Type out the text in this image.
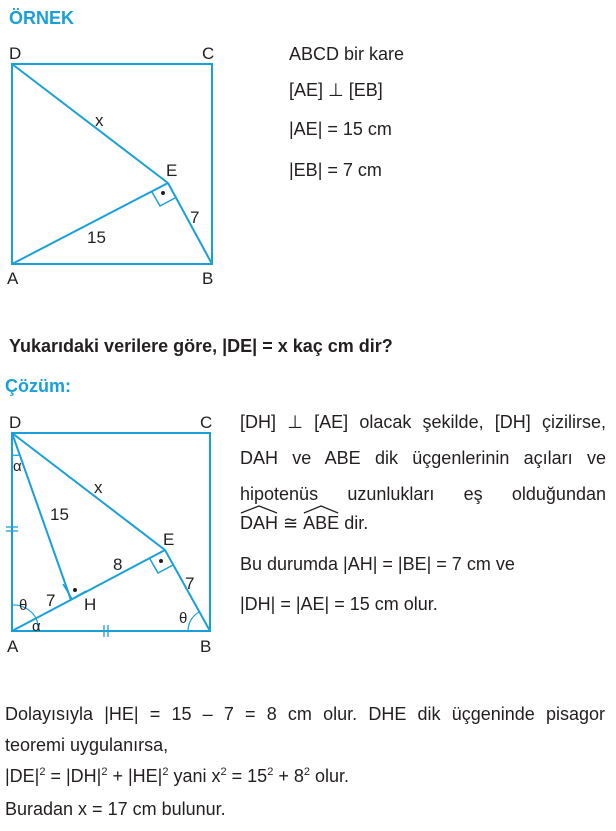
ÖRNEK
D	C
A	B
E
x
7
15
D	C
A	B
E
H
x
15
8
7
7
α
α
θ
θ
ABCD bir kare
[AE] ⊥ [EB]
|AE| = 15 cm
|EB| = 7 cm
Yukarıdaki verilere göre, |DE| = x kaç cm dir?
Çözüm:
[DH] ⊥ [AE] olacak şekilde, [DH] çizilirse,
DAH ve ABE dik üçgenlerinin açıları ve
hipotenüs uzunlukları eş olduğundan
DAH ≅ ABE dir.
Bu durumda |AH| = |BE| = 7 cm ve
|DH| = |AE| = 15 cm olur.
Dolayısıyla |HE| = 15 – 7 = 8 cm olur. DHE dik üçgeninde pisagor
teoremi uygulanırsa,
$|DE|^2 = |DH|^2 + |HE|^2$ yani $x^2 = 15^2 + 8^2$ olur.
Buradan x = 17 cm bulunur.
